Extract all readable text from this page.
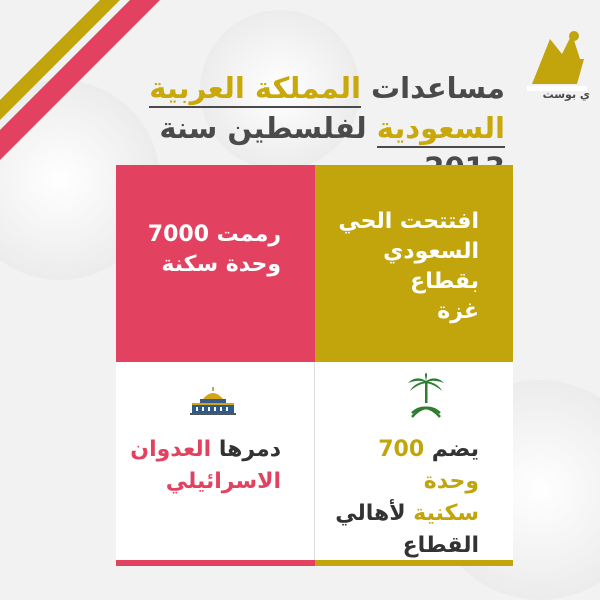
ي بوست
مساعدات المملكة العربية
السعودية لفلسطين سنة
افتتحت الحي
السعودي بقطاع
غزة
رممت 7000
وحدة سكنة
يضم 700 وحدة
سكنية لأهالي
القطاع
دمرها العدوان
الاسرائيلي
